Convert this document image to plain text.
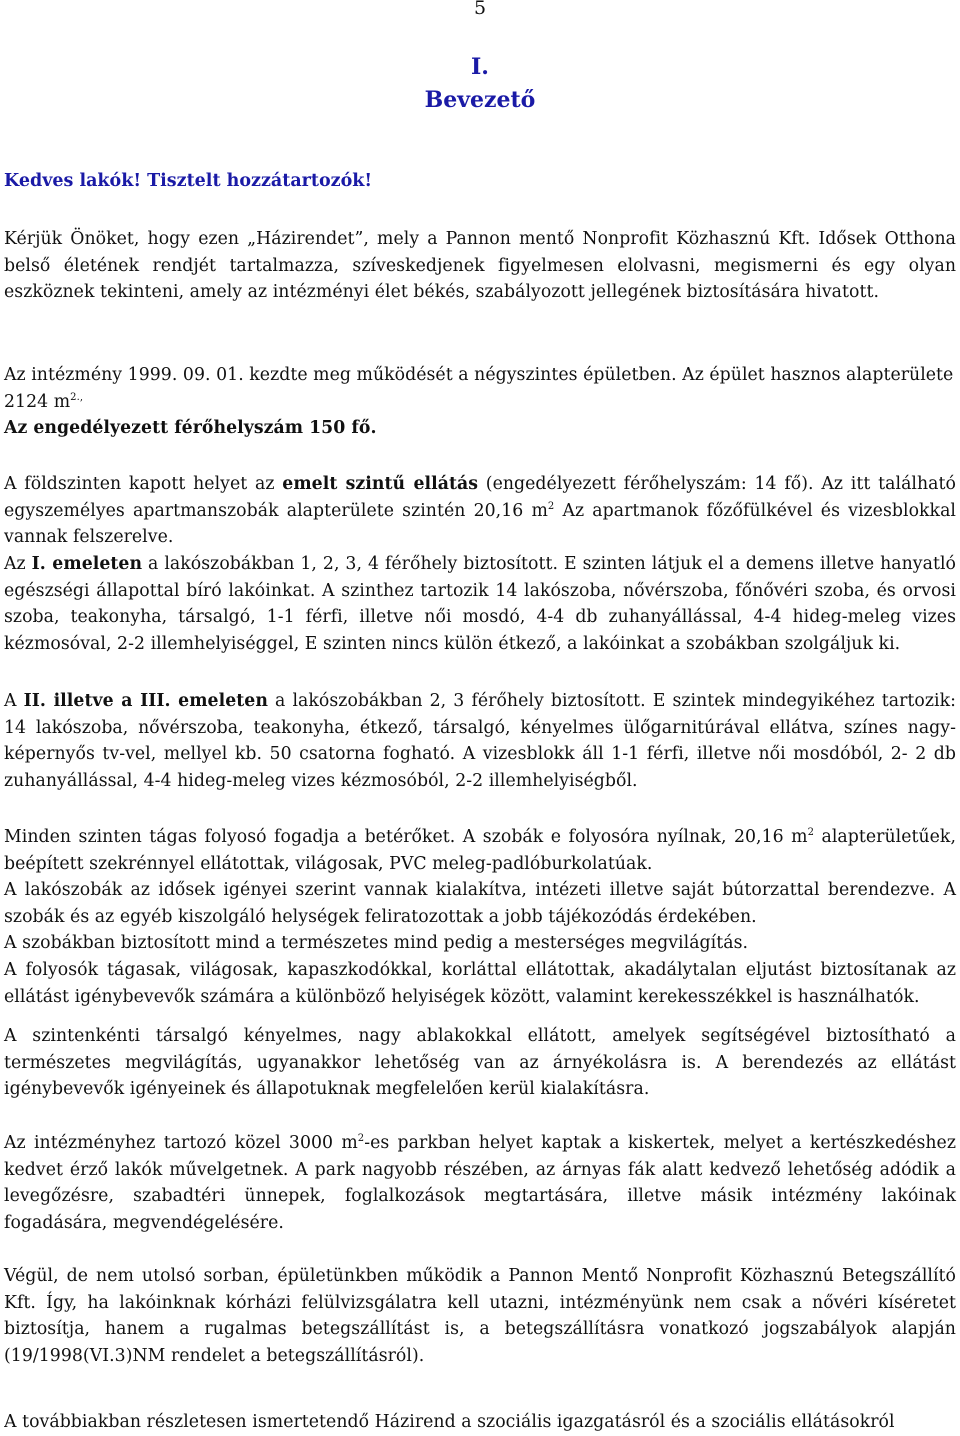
5
I.
Bevezető

Kedves lakók! Tisztelt hozzátartozók!

Kérjük Önöket, hogy ezen „Házirendet”, mely a Pannon mentő Nonprofit Közhasznú Kft. Idősek Otthona belső életének rendjét tartalmazza, szíveskedjenek figyelmesen elolvasni, megismerni és egy olyan eszköznek tekinteni, amely az intézményi élet békés, szabályozott jellegének biztosítására hivatott.

Az intézmény 1999. 09. 01. kezdte meg működését a négyszintes épületben. Az épület hasznos alapterülete 2124 $m^{2.,}$
Az engedélyezett férőhelyszám 150 fő.

A földszinten kapott helyet az emelt szintű ellátás (engedélyezett férőhelyszám: 14 fő). Az itt található egyszemélyes apartmanszobák alapterülete szintén 20,16 $m^2$ Az apartmanok főzőfülkével és vizesblokkal vannak felszerelve.

Az I. emeleten a lakószobákban 1, 2, 3, 4 férőhely biztosított. E szinten látjuk el a demens illetve hanyatló egészségi állapottal bíró lakóinkat. A szinthez tartozik 14 lakószoba, nővérszoba, főnővéri szoba, és orvosi szoba, teakonyha, társalgó, 1-1 férfi, illetve női mosdó, 4-4 db zuhanyállással, 4-4 hideg-meleg vizes kézmosóval, 2-2 illemhelyiséggel, E szinten nincs külön étkező, a lakóinkat a szobákban szolgáljuk ki.

A II. illetve a III. emeleten a lakószobákban 2, 3 férőhely biztosított. E szintek mindegyikéhez tartozik: 14 lakószoba, nővérszoba, teakonyha, étkező, társalgó, kényelmes ülőgarnitúrával ellátva, színes nagy-képernyős tv-vel, mellyel kb. 50 csatorna fogható. A vizesblokk áll 1-1 férfi, illetve női mosdóból, 2- 2 db zuhanyállással, 4-4 hideg-meleg vizes kézmosóból, 2-2 illemhelyiségből.

Minden szinten tágas folyosó fogadja a betérőket. A szobák e folyosóra nyílnak, 20,16 $m^2$ alapterületűek, beépített szekrénnyel ellátottak, világosak, PVC meleg-padlóburkolatúak.

A lakószobák az idősek igényei szerint vannak kialakítva, intézeti illetve saját bútorzattal berendezve. A szobák és az egyéb kiszolgáló helységek feliratozottak a jobb tájékozódás érdekében.

A szobákban biztosított mind a természetes mind pedig a mesterséges megvilágítás.

A folyosók tágasak, világosak, kapaszkodókkal, korláttal ellátottak, akadálytalan eljutást biztosítanak az ellátást igénybevevők számára a különböző helyiségek között, valamint kerekesszékkel is használhatók.

A szintenkénti társalgó kényelmes, nagy ablakokkal ellátott, amelyek segítségével biztosítható a természetes megvilágítás, ugyanakkor lehetőség van az árnyékolásra is. A berendezés az ellátást igénybevevők igényeinek és állapotuknak megfelelően kerül kialakításra.

Az intézményhez tartozó közel 3000 $m^2-es$ parkban helyet kaptak a kiskertek, melyet a kertészkedéshez kedvet érző lakók művelgetnek. A park nagyobb részében, az árnyas fák alatt kedvező lehetőség adódik a levegőzésre, szabadtéri ünnepek, foglalkozások megtartására, illetve másik intézmény lakóinak fogadására, megvendégelésére.

Végül, de nem utolsó sorban, épületünkben működik a Pannon Mentő Nonprofit Közhasznú Betegszállító Kft. Így, ha lakóinknak kórházi felülvizsgálatra kell utazni, intézményünk nem csak a nővéri kíséretet biztosítja, hanem a rugalmas betegszállítást is, a betegszállításra vonatkozó jogszabályok alapján (19/1998(VI.3)NM rendelet a betegszállításról).

A továbbiakban részletesen ismertetendő Házirend a szociális igazgatásról és a szociális ellátásokról
